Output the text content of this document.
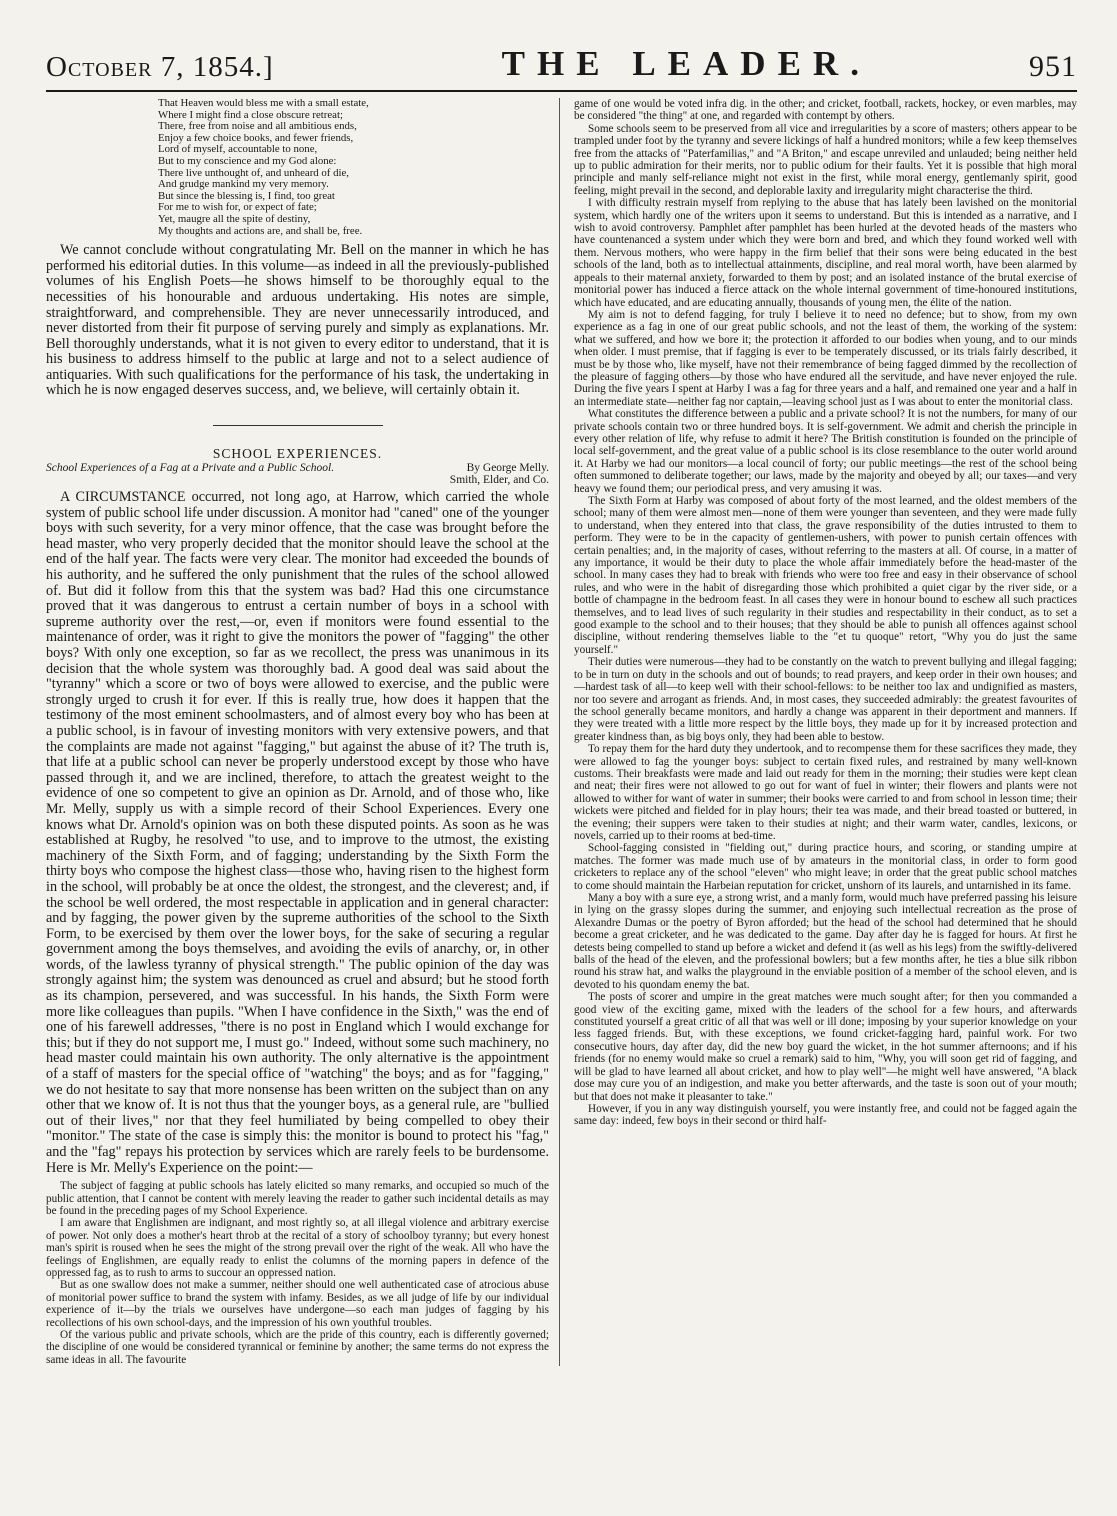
October 7, 1854.]	THE LEADER.	951
That Heaven would bless me with a small estate,
Where I might find a close obscure retreat;
There, free from noise and all ambitious ends,
Enjoy a few choice books, and fewer friends,
Lord of myself, accountable to none,
But to my conscience and my God alone:
There live unthought of, and unheard of die,
And grudge mankind my very memory.
But since the blessing is, I find, too great
For me to wish for, or expect of fate;
Yet, maugre all the spite of destiny,
My thoughts and actions are, and shall be, free.

We cannot conclude without congratulating Mr. Bell on the manner in which he has performed his editorial duties. In this volume—as indeed in all the previously-published volumes of his English Poets—he shows himself to be thoroughly equal to the necessities of his honourable and arduous undertaking. His notes are simple, straightforward, and comprehensible. They are never unnecessarily introduced, and never distorted from their fit purpose of serving purely and simply as explanations. Mr. Bell thoroughly understands, what it is not given to every editor to understand, that it is his business to address himself to the public at large and not to a select audience of antiquaries. With such qualifications for the performance of his task, the undertaking in which he is now engaged deserves success, and, we believe, will certainly obtain it.

SCHOOL EXPERIENCES.

School Experiences of a Fag at a Private and a Public School.	By George Melly.
Smith, Elder, and Co.

A CIRCUMSTANCE occurred, not long ago, at Harrow, which carried the whole system of public school life under discussion. A monitor had "caned" one of the younger boys with such severity, for a very minor offence, that the case was brought before the head master, who very properly decided that the monitor should leave the school at the end of the half year. The facts were very clear. The monitor had exceeded the bounds of his authority, and he suffered the only punishment that the rules of the school allowed of. But did it follow from this that the system was bad? Had this one circumstance proved that it was dangerous to entrust a certain number of boys in a school with supreme authority over the rest,—or, even if monitors were found essential to the maintenance of order, was it right to give the monitors the power of "fagging" the other boys? With only one exception, so far as we recollect, the press was unanimous in its decision that the whole system was thoroughly bad. A good deal was said about the "tyranny" which a score or two of boys were allowed to exercise, and the public were strongly urged to crush it for ever. If this is really true, how does it happen that the testimony of the most eminent schoolmasters, and of almost every boy who has been at a public school, is in favour of investing monitors with very extensive powers, and that the complaints are made not against "fagging," but against the abuse of it? The truth is, that life at a public school can never be properly understood except by those who have passed through it, and we are inclined, therefore, to attach the greatest weight to the evidence of one so competent to give an opinion as Dr. Arnold, and of those who, like Mr. Melly, supply us with a simple record of their School Experiences. Every one knows what Dr. Arnold's opinion was on both these disputed points. As soon as he was established at Rugby, he resolved "to use, and to improve to the utmost, the existing machinery of the Sixth Form, and of fagging; understanding by the Sixth Form the thirty boys who compose the highest class—those who, having risen to the highest form in the school, will probably be at once the oldest, the strongest, and the cleverest; and, if the school be well ordered, the most respectable in application and in general character: and by fagging, the power given by the supreme authorities of the school to the Sixth Form, to be exercised by them over the lower boys, for the sake of securing a regular government among the boys themselves, and avoiding the evils of anarchy, or, in other words, of the lawless tyranny of physical strength." The public opinion of the day was strongly against him; the system was denounced as cruel and absurd; but he stood forth as its champion, persevered, and was successful. In his hands, the Sixth Form were more like colleagues than pupils. "When I have confidence in the Sixth," was the end of one of his farewell addresses, "there is no post in England which I would exchange for this; but if they do not support me, I must go." Indeed, without some such machinery, no head master could maintain his own authority. The only alternative is the appointment of a staff of masters for the special office of "watching" the boys; and as for "fagging," we do not hesitate to say that more nonsense has been written on the subject than on any other that we know of. It is not thus that the younger boys, as a general rule, are "bullied out of their lives," nor that they feel humiliated by being compelled to obey their "monitor." The state of the case is simply this: the monitor is bound to protect his "fag," and the "fag" repays his protection by services which are rarely feels to be burdensome. Here is Mr. Melly's Experience on the point:—

The subject of fagging at public schools has lately elicited so many remarks, and occupied so much of the public attention, that I cannot be content with merely leaving the reader to gather such incidental details as may be found in the preceding pages of my School Experience.

I am aware that Englishmen are indignant, and most rightly so, at all illegal violence and arbitrary exercise of power. Not only does a mother's heart throb at the recital of a story of schoolboy tyranny; but every honest man's spirit is roused when he sees the might of the strong prevail over the right of the weak. All who have the feelings of Englishmen, are equally ready to enlist the columns of the morning papers in defence of the oppressed fag, as to rush to arms to succour an oppressed nation.

But as one swallow does not make a summer, neither should one well authenticated case of atrocious abuse of monitorial power suffice to brand the system with infamy. Besides, as we all judge of life by our individual experience of it—by the trials we ourselves have undergone—so each man judges of fagging by his recollections of his own school-days, and the impression of his own youthful troubles.

Of the various public and private schools, which are the pride of this country, each is differently governed; the discipline of one would be considered tyrannical or feminine by another; the same terms do not express the same ideas in all. The favourite

game of one would be voted infra dig. in the other; and cricket, football, rackets, hockey, or even marbles, may be considered "the thing" at one, and regarded with contempt by others.

Some schools seem to be preserved from all vice and irregularities by a score of masters; others appear to be trampled under foot by the tyranny and severe lickings of half a hundred monitors; while a few keep themselves free from the attacks of "Paterfamilias," and "A Briton," and escape unreviled and unlauded; being neither held up to public admiration for their merits, nor to public odium for their faults. Yet it is possible that high moral principle and manly self-reliance might not exist in the first, while moral energy, gentlemanly spirit, good feeling, might prevail in the second, and deplorable laxity and irregularity might characterise the third.

I with difficulty restrain myself from replying to the abuse that has lately been lavished on the monitorial system, which hardly one of the writers upon it seems to understand. But this is intended as a narrative, and I wish to avoid controversy. Pamphlet after pamphlet has been hurled at the devoted heads of the masters who have countenanced a system under which they were born and bred, and which they found worked well with them. Nervous mothers, who were happy in the firm belief that their sons were being educated in the best schools of the land, both as to intellectual attainments, discipline, and real moral worth, have been alarmed by appeals to their maternal anxiety, forwarded to them by post; and an isolated instance of the brutal exercise of monitorial power has induced a fierce attack on the whole internal government of time-honoured institutions, which have educated, and are educating annually, thousands of young men, the élite of the nation.

My aim is not to defend fagging, for truly I believe it to need no defence; but to show, from my own experience as a fag in one of our great public schools, and not the least of them, the working of the system: what we suffered, and how we bore it; the protection it afforded to our bodies when young, and to our minds when older. I must premise, that if fagging is ever to be temperately discussed, or its trials fairly described, it must be by those who, like myself, have not their remembrance of being fagged dimmed by the recollection of the pleasure of fagging others—by those who have endured all the servitude, and have never enjoyed the rule. During the five years I spent at Harby I was a fag for three years and a half, and remained one year and a half in an intermediate state—neither fag nor captain,—leaving school just as I was about to enter the monitorial class.

What constitutes the difference between a public and a private school? It is not the numbers, for many of our private schools contain two or three hundred boys. It is self-government. We admit and cherish the principle in every other relation of life, why refuse to admit it here? The British constitution is founded on the principle of local self-government, and the great value of a public school is its close resemblance to the outer world around it. At Harby we had our monitors—a local council of forty; our public meetings—the rest of the school being often summoned to deliberate together; our laws, made by the majority and obeyed by all; our taxes—and very heavy we found them; our periodical press, and very amusing it was.

The Sixth Form at Harby was composed of about forty of the most learned, and the oldest members of the school; many of them were almost men—none of them were younger than seventeen, and they were made fully to understand, when they entered into that class, the grave responsibility of the duties intrusted to them to perform. They were to be in the capacity of gentlemen-ushers, with power to punish certain offences with certain penalties; and, in the majority of cases, without referring to the masters at all. Of course, in a matter of any importance, it would be their duty to place the whole affair immediately before the head-master of the school. In many cases they had to break with friends who were too free and easy in their observance of school rules, and who were in the habit of disregarding those which prohibited a quiet cigar by the river side, or a bottle of champagne in the bedroom feast. In all cases they were in honour bound to eschew all such practices themselves, and to lead lives of such regularity in their studies and respectability in their conduct, as to set a good example to the school and to their houses; that they should be able to punish all offences against school discipline, without rendering themselves liable to the "et tu quoque" retort, "Why you do just the same yourself."

Their duties were numerous—they had to be constantly on the watch to prevent bullying and illegal fagging; to be in turn on duty in the schools and out of bounds; to read prayers, and keep order in their own houses; and—hardest task of all—to keep well with their school-fellows: to be neither too lax and undignified as masters, nor too severe and arrogant as friends. And, in most cases, they succeeded admirably: the greatest favourites of the school generally became monitors, and hardly a change was apparent in their deportment and manners. If they were treated with a little more respect by the little boys, they made up for it by increased protection and greater kindness than, as big boys only, they had been able to bestow.

To repay them for the hard duty they undertook, and to recompense them for these sacrifices they made, they were allowed to fag the younger boys: subject to certain fixed rules, and restrained by many well-known customs. Their breakfasts were made and laid out ready for them in the morning; their studies were kept clean and neat; their fires were not allowed to go out for want of fuel in winter; their flowers and plants were not allowed to wither for want of water in summer; their books were carried to and from school in lesson time; their wickets were pitched and fielded for in play hours; their tea was made, and their bread toasted or buttered, in the evening; their suppers were taken to their studies at night; and their warm water, candles, lexicons, or novels, carried up to their rooms at bed-time.

School-fagging consisted in "fielding out," during practice hours, and scoring, or standing umpire at matches. The former was made much use of by amateurs in the monitorial class, in order to form good cricketers to replace any of the school "eleven" who might leave; in order that the great public school matches to come should maintain the Harbeian reputation for cricket, unshorn of its laurels, and untarnished in its fame.

Many a boy with a sure eye, a strong wrist, and a manly form, would much have preferred passing his leisure in lying on the grassy slopes during the summer, and enjoying such intellectual recreation as the prose of Alexandre Dumas or the poetry of Byron afforded; but the head of the school had determined that he should become a great cricketer, and he was dedicated to the game. Day after day he is fagged for hours. At first he detests being compelled to stand up before a wicket and defend it (as well as his legs) from the swiftly-delivered balls of the head of the eleven, and the professional bowlers; but a few months after, he ties a blue silk ribbon round his straw hat, and walks the playground in the enviable position of a member of the school eleven, and is devoted to his quondam enemy the bat.

The posts of scorer and umpire in the great matches were much sought after; for then you commanded a good view of the exciting game, mixed with the leaders of the school for a few hours, and afterwards constituted yourself a great critic of all that was well or ill done; imposing by your superior knowledge on your less fagged friends. But, with these exceptions, we found cricket-fagging hard, painful work. For two consecutive hours, day after day, did the new boy guard the wicket, in the hot summer afternoons; and if his friends (for no enemy would make so cruel a remark) said to him, "Why, you will soon get rid of fagging, and will be glad to have learned all about cricket, and how to play well"—he might well have answered, "A black dose may cure you of an indigestion, and make you better afterwards, and the taste is soon out of your mouth; but that does not make it pleasanter to take."

However, if you in any way distinguish yourself, you were instantly free, and could not be fagged again the same day: indeed, few boys in their second or third half-
